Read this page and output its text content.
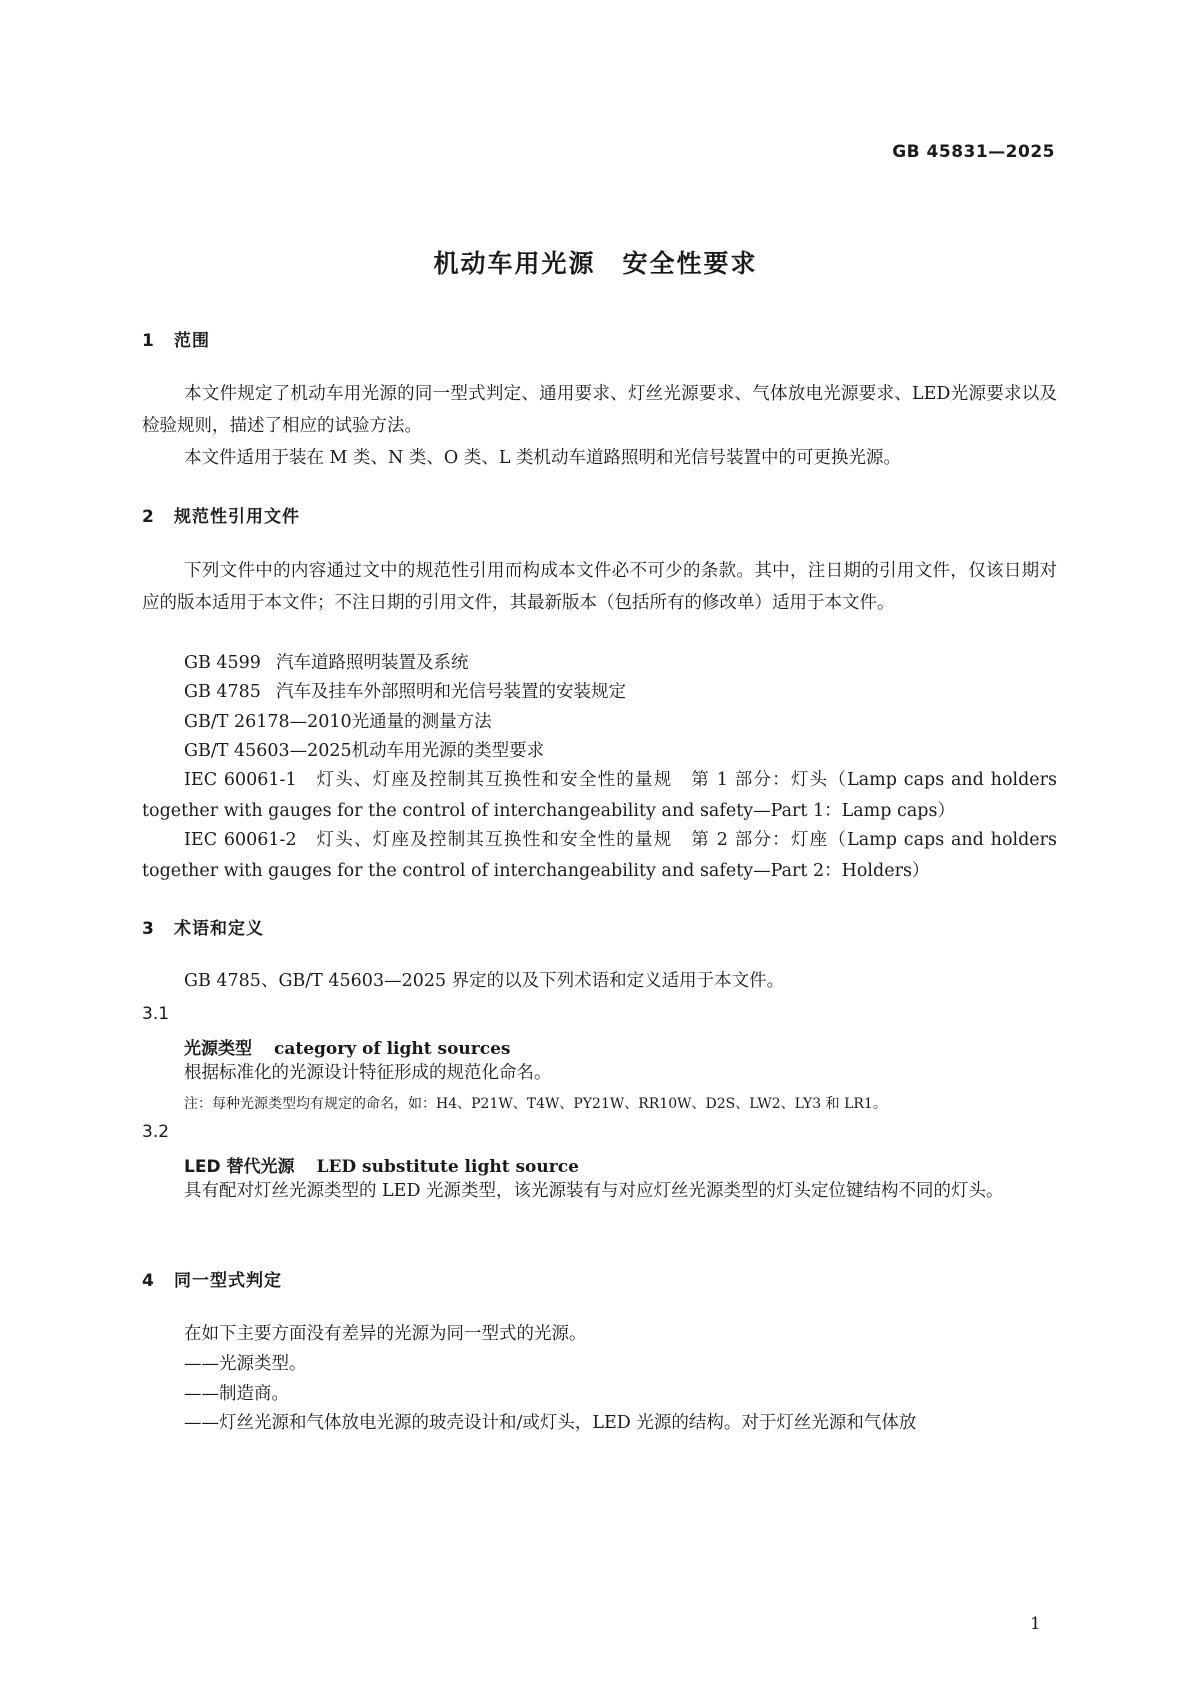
GB 45831—2025
机动车用光源　安全性要求
1 范围
本文件规定了机动车用光源的同一型式判定、通用要求、灯丝光源要求、气体放电光源要求、LED光源要求以及检验规则，描述了相应的试验方法。
本文件适用于装在 M 类、N 类、O 类、L 类机动车道路照明和光信号装置中的可更换光源。
2 规范性引用文件
下列文件中的内容通过文中的规范性引用而构成本文件必不可少的条款。其中，注日期的引用文件，仅该日期对应的版本适用于本文件；不注日期的引用文件，其最新版本（包括所有的修改单）适用于本文件。
GB 4599 汽车道路照明装置及系统
GB 4785 汽车及挂车外部照明和光信号装置的安装规定
GB/T 26178—2010光通量的测量方法
GB/T 45603—2025机动车用光源的类型要求
IEC 60061-1　灯头、灯座及控制其互换性和安全性的量规　第 1 部分：灯头（Lamp caps and holders together with gauges for the control of interchangeability and safety—Part 1：Lamp caps）
IEC 60061-2　灯头、灯座及控制其互换性和安全性的量规　第 2 部分：灯座（Lamp caps and holders together with gauges for the control of interchangeability and safety—Part 2：Holders）
3 术语和定义
GB 4785、GB/T 45603—2025 界定的以及下列术语和定义适用于本文件。
3.1
光源类型 category of light sources
根据标准化的光源设计特征形成的规范化命名。
注：每种光源类型均有规定的命名，如：H4、P21W、T4W、PY21W、RR10W、D2S、LW2、LY3 和 LR1。
3.2
LED 替代光源 LED substitute light source
具有配对灯丝光源类型的 LED 光源类型，该光源装有与对应灯丝光源类型的灯头定位键结构不同的灯头。
4 同一型式判定
在如下主要方面没有差异的光源为同一型式的光源。
——光源类型。
——制造商。
——灯丝光源和气体放电光源的玻壳设计和/或灯头，LED 光源的结构。对于灯丝光源和气体放
1
